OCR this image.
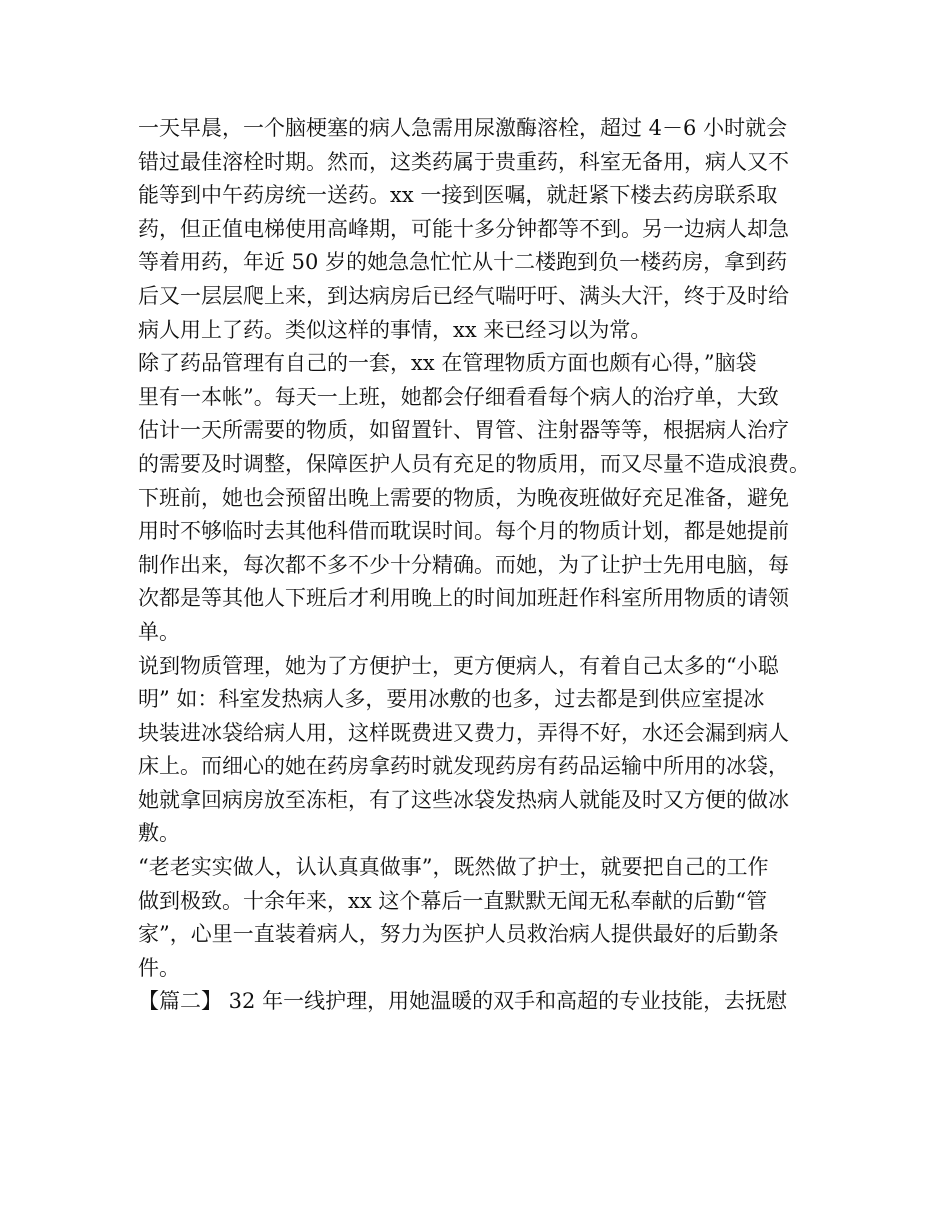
一天早晨，一个脑梗塞的病人急需用尿激酶溶栓，超过 4－6 小时就会
错过最佳溶栓时期。然而，这类药属于贵重药，科室无备用，病人又不
能等到中午药房统一送药。xx 一接到医嘱，就赶紧下楼去药房联系取
药，但正值电梯使用高峰期，可能十多分钟都等不到。另一边病人却急
等着用药，年近 50 岁的她急急忙忙从十二楼跑到负一楼药房，拿到药
后又一层层爬上来，到达病房后已经气喘吁吁、满头大汗，终于及时给
病人用上了药。类似这样的事情，xx 来已经习以为常。
除了药品管理有自己的一套，xx 在管理物质方面也颇有心得，”脑袋
里有一本帐”。每天一上班，她都会仔细看看每个病人的治疗单，大致
估计一天所需要的物质，如留置针、胃管、注射器等等，根据病人治疗
的需要及时调整，保障医护人员有充足的物质用，而又尽量不造成浪费。
下班前，她也会预留出晚上需要的物质，为晚夜班做好充足准备，避免
用时不够临时去其他科借而耽误时间。每个月的物质计划，都是她提前
制作出来，每次都不多不少十分精确。而她，为了让护士先用电脑，每
次都是等其他人下班后才利用晚上的时间加班赶作科室所用物质的请领
单。
说到物质管理，她为了方便护士，更方便病人，有着自己太多的“小聪
明” 如：科室发热病人多，要用冰敷的也多，过去都是到供应室提冰
块装进冰袋给病人用，这样既费进又费力，弄得不好，水还会漏到病人
床上。而细心的她在药房拿药时就发现药房有药品运输中所用的冰袋，
她就拿回病房放至冻柜，有了这些冰袋发热病人就能及时又方便的做冰
敷。
“老老实实做人，认认真真做事”，既然做了护士，就要把自己的工作
做到极致。十余年来，xx 这个幕后一直默默无闻无私奉献的后勤“管
家”，心里一直装着病人，努力为医护人员救治病人提供最好的后勤条
件。
【篇二】 32 年一线护理，用她温暖的双手和高超的专业技能，去抚慰
